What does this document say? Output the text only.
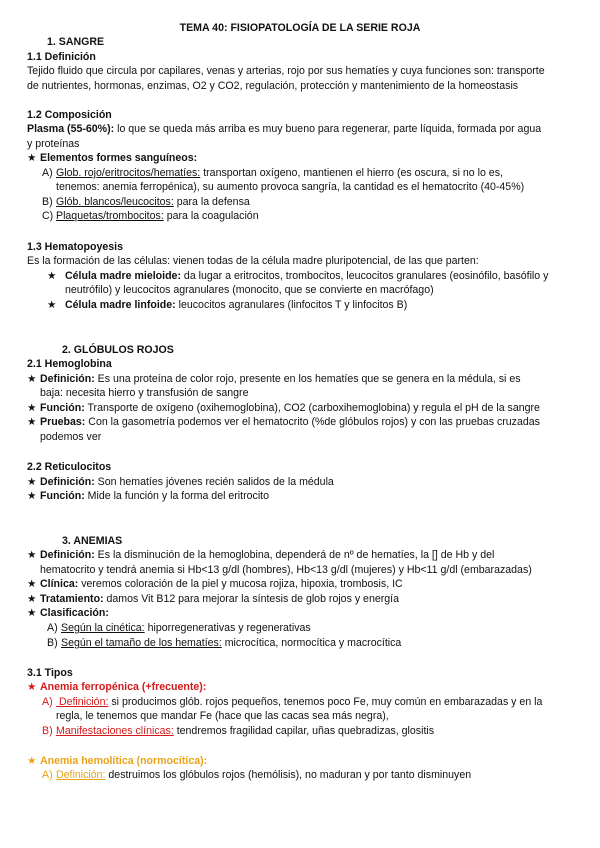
TEMA 40: FISIOPATOLOGÍA DE LA SERIE ROJA
1. SANGRE
1.1 Definición
Tejido fluido que circula por capilares, venas y arterias, rojo por sus hematíes y cuya funciones son: transporte
de nutrientes, hormonas, enzimas, O2 y CO2, regulación, protección y mantenimiento de la homeostasis
1.2 Composición
Plasma (55-60%): lo que se queda más arriba es muy bueno para regenerar, parte líquida, formada por agua
y proteínas
★ Elementos formes sanguíneos:
A) Glob. rojo/eritrocitos/hematíes: transportan oxígeno, mantienen el hierro (es oscura, si no lo es,
tenemos: anemia ferropénica), su aumento provoca sangría, la cantidad es el hematocrito (40-45%)
B) Glób. blancos/leucocitos: para la defensa
C) Plaquetas/trombocitos: para la coagulación
1.3 Hematopoyesis
Es la formación de las células: vienen todas de la célula madre pluripotencial, de las que parten:
★ Célula madre mieloide: da lugar a eritrocitos, trombocitos, leucocitos granulares (eosinófilo, basófilo y
neutrófilo) y leucocitos agranulares (monocito, que se convierte en macrófago)
★ Célula madre linfoide: leucocitos agranulares (linfocitos T y linfocitos B)
2. GLÓBULOS ROJOS
2.1 Hemoglobina
★ Definición: Es una proteína de color rojo, presente en los hematíes que se genera en la médula, si es
baja: necesita hierro y transfusión de sangre
★ Función: Transporte de oxígeno (oxihemoglobina), CO2 (carboxihemoglobina) y regula el pH de la sangre
★ Pruebas: Con la gasometría podemos ver el hematocrito (%de glóbulos rojos) y con las pruebas cruzadas
podemos ver
2.2 Reticulocitos
★ Definición: Son hematíes jóvenes recién salidos de la médula
★ Función: Mide la función y la forma del eritrocito
3. ANEMIAS
★ Definición: Es la disminución de la hemoglobina, dependerá de nº de hematíes, la [] de Hb y del
hematocrito y tendrá anemia si Hb<13 g/dl (hombres), Hb<13 g/dl (mujeres) y Hb<11 g/dl (embarazadas)
★ Clínica: veremos coloración de la piel y mucosa rojiza, hipoxia, trombosis, IC
★ Tratamiento: damos Vit B12 para mejorar la síntesis de glob rojos y energía
★ Clasificación:
A) Según la cinética: hiporregenerativas y regenerativas
B) Según el tamaño de los hematíes: microcítica, normocítica y macrocítica
3.1 Tipos
★ Anemia ferropénica (+frecuente):
A) Definición: si producimos glób. rojos pequeños, tenemos poco Fe, muy común en embarazadas y en la
regla, le tenemos que mandar Fe (hace que las cacas sea más negra),
B) Manifestaciones clínicas: tendremos fragilidad capilar, uñas quebradizas, glositis
★ Anemia hemolítica (normocítica):
A) Definición: destruimos los glóbulos rojos (hemólisis), no maduran y por tanto disminuyen
